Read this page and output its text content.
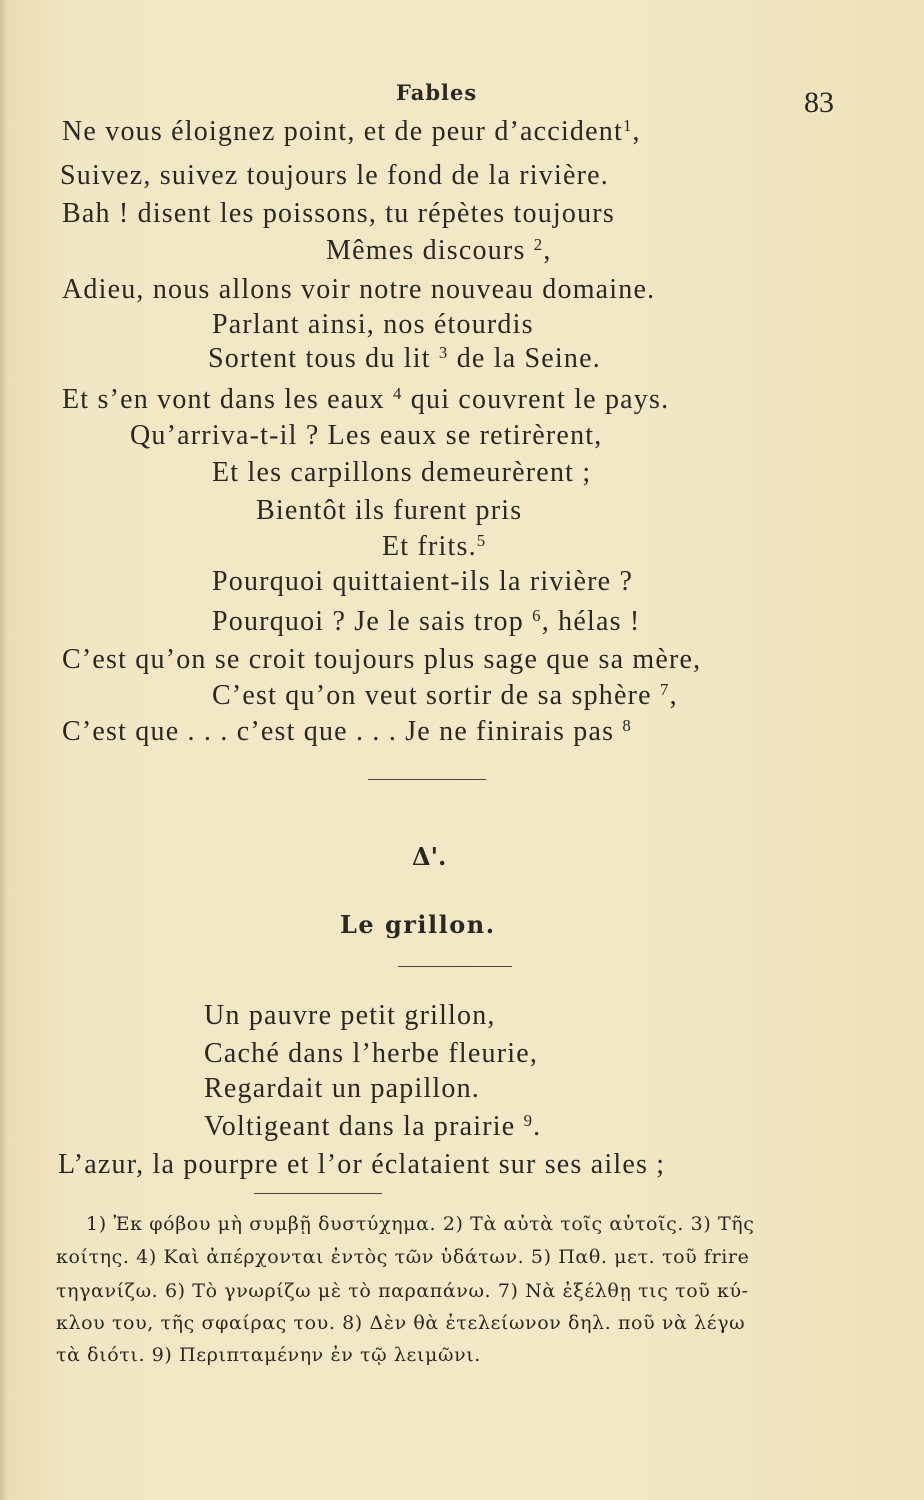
Fables	83
Ne vous éloignez point, et de peur d’accident$^1$,
Suivez, suivez toujours le fond de la rivière.
Bah ! disent les poissons, tu répètes toujours
Mêmes discours $^2$,
Adieu, nous allons voir notre nouveau domaine.
Parlant ainsi, nos étourdis
Sortent tous du lit $^3$ de la Seine.
Et s’en vont dans les eaux $^4$ qui couvrent le pays.
Qu’arriva-t-il ? Les eaux se retirèrent,
Et les carpillons demeurèrent ;
Bientôt ils furent pris
Et frits.$^5$
Pourquoi quittaient-ils la rivière ?
Pourquoi ? Je le sais trop $^6$, hélas !
C’est qu’on se croit toujours plus sage que sa mère,
C’est qu’on veut sortir de sa sphère $^7$,
C’est que . . . c’est que . . . Je ne finirais pas $^8$
Δ'.
Le grillon.
Un pauvre petit grillon,
Caché dans l’herbe fleurie,
Regardait un papillon.
Voltigeant dans la prairie $^9$.
L’azur, la pourpre et l’or éclataient sur ses ailes ;
1) Ἐκ φόβου μὴ συμβῇ δυστύχημα. 2) Τὰ αὐτὰ τοῖς αὐτοῖς. 3) Τῆς
κοίτης. 4) Καὶ ἀπέρχονται ἐντὸς τῶν ὑδάτων. 5) Παθ. μετ. τοῦ frire
τηγανίζω. 6) Τὸ γνωρίζω μὲ τὸ παραπάνω. 7) Νὰ ἐξέλθῃ τις τοῦ κύ-
κλου του, τῆς σφαίρας του. 8) Δὲν θὰ ἐτελείωνον δηλ. ποῦ νὰ λέγω
τὰ διότι. 9) Περιπταμένην ἐν τῷ λειμῶνι.
